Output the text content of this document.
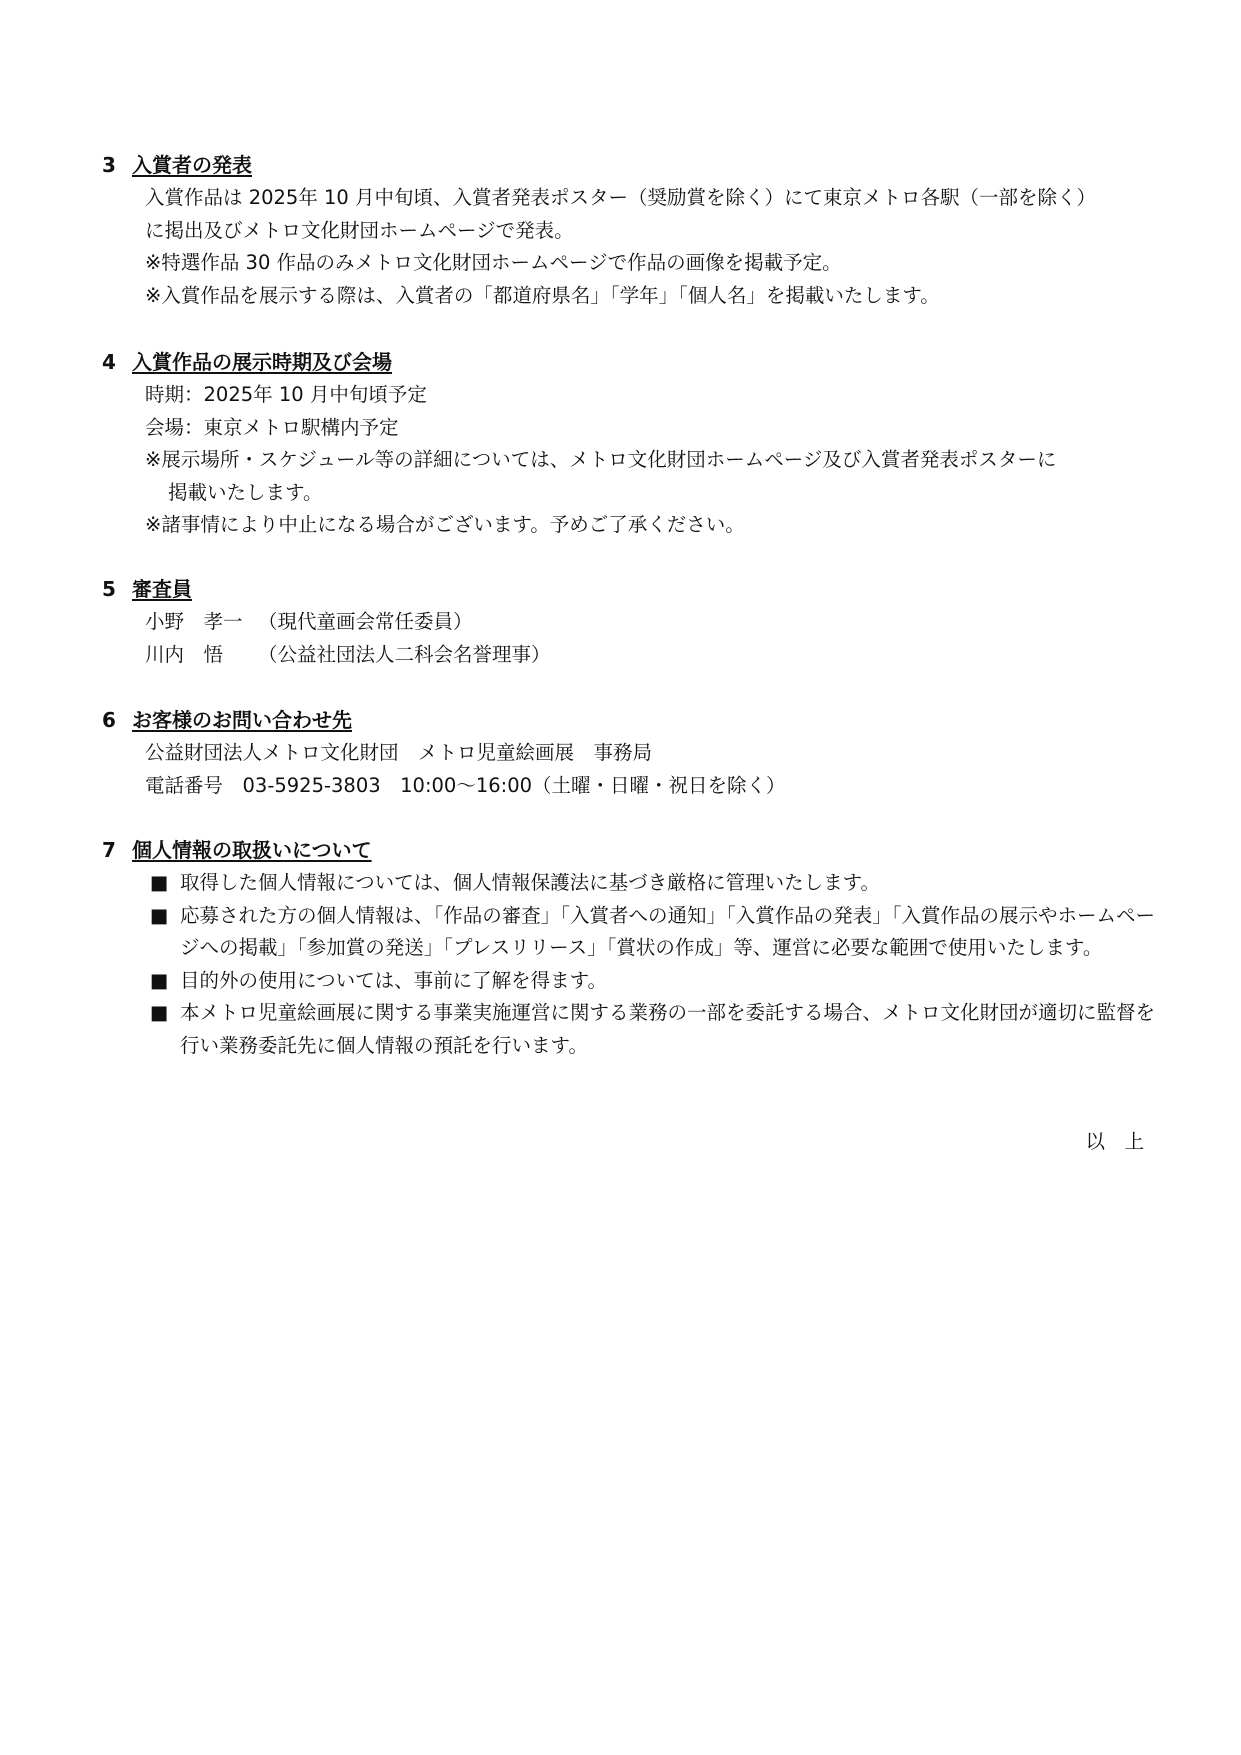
3 入賞者の発表
入賞作品は 2025年 10 月中旬頃、入賞者発表ポスター（奨励賞を除く）にて東京メトロ各駅（一部を除く）
に掲出及びメトロ文化財団ホームページで発表。
※特選作品 30 作品のみメトロ文化財団ホームページで作品の画像を掲載予定。
※入賞作品を展示する際は、入賞者の「都道府県名」「学年」「個人名」を掲載いたします。
4 入賞作品の展示時期及び会場
時期：2025年 10 月中旬頃予定
会場：東京メトロ駅構内予定
※展示場所・スケジュール等の詳細については、メトロ文化財団ホームページ及び入賞者発表ポスターに
掲載いたします。
※諸事情により中止になる場合がございます。予めご了承ください。
5 審査員
小野　孝一 （現代童画会常任委員）
川内　悟 （公益社団法人二科会名誉理事）
6 お客様のお問い合わせ先
公益財団法人メトロ文化財団　メトロ児童絵画展　事務局
電話番号　03-5925-3803　10:00～16:00（土曜・日曜・祝日を除く）
7 個人情報の取扱いについて
■ 取得した個人情報については、個人情報保護法に基づき厳格に管理いたします。
■ 応募された方の個人情報は、「作品の審査」「入賞者への通知」「入賞作品の発表」「入賞作品の展示やホームページへの掲載」「参加賞の発送」「プレスリリース」「賞状の作成」等、運営に必要な範囲で使用いたします。
■ 目的外の使用については、事前に了解を得ます。
■ 本メトロ児童絵画展に関する事業実施運営に関する業務の一部を委託する場合、メトロ文化財団が適切に監督を行い業務委託先に個人情報の預託を行います。
以　上
